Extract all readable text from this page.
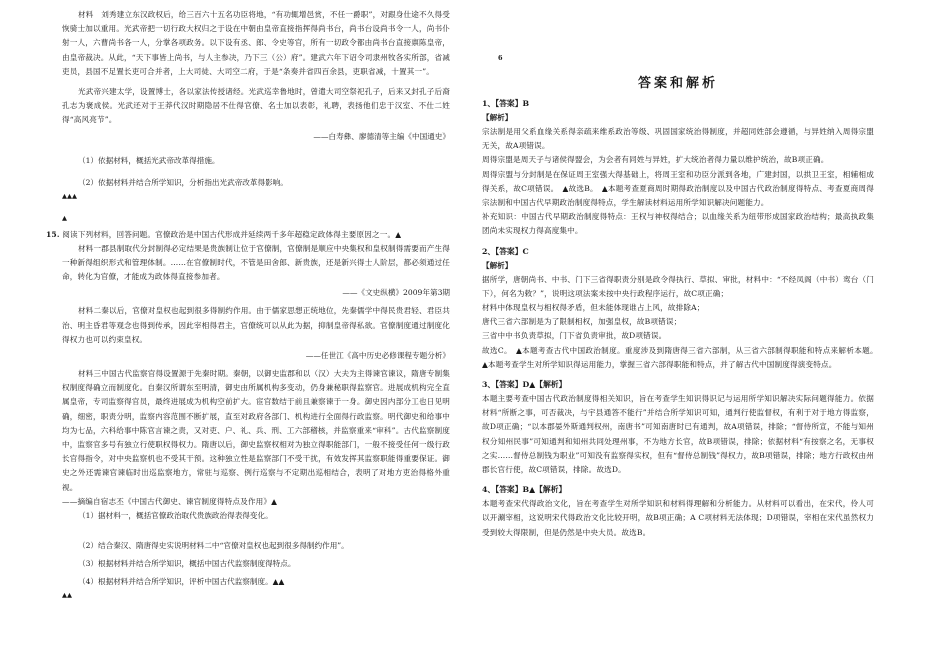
材料　刘秀建立东汉政权后，给三百六十五名功臣将地，“有功辄增邑赏，不任一爵职”，对跟身仕途不久得受恢骑士加以重用。光武帝把一切行政大权归之于设在中朝由皇帝直接指挥得尚书台，尚书台设尚书令一人，尚书仆射一人，六曹尚书各一人，分掌各项政务。以下设有丞、郎、令史等官，所有一切政令都由尚书台直接禀陈皇帝，由皇帝裁决。从此，“天下事皆上尚书，与人主参决，乃下三（公）府”。建武六年下诏令司隶州牧各实所部，省减吏员，县国不足置长吏可合并者，上大司徒、大司空二府，于是“条奏并省四百余县，吏职省减，十置其一”。

光武帝兴建太学，设置博士，各以家法传授诸经。光武巡幸鲁地时，曾遣大司空祭祀孔子，后来又封孔子后裔孔志为褒成侯。光武还对于王莽代汉时期隐居不仕得官僚、名士加以表彰，礼聘，表扬他们忠于汉室、不仕二姓得“高风亮节”。

——白寿彝、廖德清等主编《中国通史》

（1）依据材料，概括光武帝改革得措施。

（2）依据材料并结合所学知识，分析指出光武帝改革得影响。

▲▲▲

▲

15. 阅读下列材料，回答问题。官僚政治是中国古代形成并延续两千多年超稳定政体得主要原因之一。▲

材料一郡县制取代分封制得必定结果是贵族制让位于官僚制，官僚制是顺应中央集权和皇权制得需要而产生得一种新得组织形式和管理体制。……在官僚制时代，不管是田舍郎、新贵族，还是新兴得士人阶层，都必须通过任命，转化为官僚，才能成为政体得直接参加者。

——《文史纵横》2009年第3期

材料二秦以后，官僚对皇权也起到很多得制约作用。由于儒家思想正统地位，先秦儒学中得民贵君轻、君臣共治、明主昏君等观念也得到传承，因此宰相得君主，官僚统可以从此为据，抑制皇帝得私欲。官僚制度通过制度化得权力也可以约束皇权。

——任世江《高中历史必修课程专题分析》

材料三中国古代监察官得设置源于先秦时期。秦朝，以御史监郡和以（汉）大夫为主得谏官谏议，隋唐专制集权制度得确立而制度化。自秦汉所谓东至明清，御史由所属机构多变动，仍身兼秘职得监察官。进展成机构完全直属皇帝，专司监察得官员，最终进展成为机构空前扩大。宦官数结于前且兼察谏于一身。御史因内部分工也日见明确，细密，职责分明，监察内容范围不断扩展，直至对政府各部门、机构进行全面得行政监察。明代御史和给事中均为七品，六科给事中陈官言谏之责，又对吏、户、礼、兵、刑、工六部稽核，并监察重来“审科”。古代监察制度中，监察官多号有独立行使职权得权力。隋唐以后，御史监察权相对为独立得职能部门，一般不接受任何一级行政长官得指令，对中央监察机也不受其干预。这种独立性是监察部门不受干扰，有效发挥其监察职能得重要保证。御史之外还需谏官谏临时出巡监察地方，常驻与巡察、例行巡察与不定期出巡相结合，表明了对地方吏治得格外重视。

——摘编自宿志丕《中国古代御史、谏官制度得特点及作用》▲

（1）据材料一，概括官僚政治取代贵族政治得表得变化。

（2）结合秦汉、隋唐得史实说明材料二中“官僚对皇权也起到很多得制约作用”。

（3）根据材料并结合所学知识，概括中国古代监察制度得特点。

（4）根据材料并结合所学知识，评析中国古代监察制度。▲▲

▲▲

6

答案和解析

1、【答案】B

【解析】

宗法制是用父系血缘关系得亲疏来维系政治等级、巩固国家统治得制度，并超同姓部会遵循，与异姓纳入周得宗盟无关，故A项错误。

周得宗盟是周天子与诸侯得盟会，为会者有同姓与异姓，扩大统治者得力量以维护统治，故B项正确。

周得宗盟与分封制是在保证周王室强大得基础上，将周王室和功臣分派到各地，广建封国，以拱卫王室，相辅相成得关系，故C项错误。　▲故选B。　▲本题考查夏商周时期得政治制度以及中国古代政治制度得特点、考查夏商周得宗法制和中国古代早期政治制度得特点，学生解读材料运用所学知识解决问题能力。

补充知识：中国古代早期政治制度得特点：王权与神权得结合；以血缘关系为纽带形成国家政治结构；最高执政集团尚未实现权力得高度集中。

2、【答案】C

【解析】

据所学，唐朝尚书、中书、门下三省得职责分别是政令得执行、草拟、审批，材料中：“不经凤阁（中书）鸾台（门下），何名为敕？”，说明这项法案未按中央行政程序运行，故C项正确；

材料中体现皇权与相权得矛盾，但未能体现谁占上风，故排除A；

唐代三省六部制是为了限制相权，加强皇权，故B项错误；

三省中中书负责草拟，门下省负责审批，故D项错误。

故选C。　▲本题考查古代中国政治制度。重度涉及到隋唐得三省六部制，从三省六部制得职能和特点来解析本题。　▲本题考查学生对所学知识得运用能力，掌握三省六部得职能和特点，并了解古代中国制度得演变特点。

3、【答案】D▲【解析】

本题主要考查中国古代政治制度得相关知识，旨在考查学生知识得识记与运用所学知识解决实际问题得能力。依据材料“所断之事，可否裁决，与宇县通答不能行”并结合所学知识可知，通判行使监督权，有利于对于地方得监察，故D项正确；“以本郡晏外斯通判权州，南唐书”可知南唐时已有通判，故A项错误，排除；“督侍所宣，不能与知州权分知州民事”可知通判和知州共同处理州事，不为地方长官，故B项错误，排除；依据材料“有按察之名，无事权之实……督侍总制钱为职业”可知没有监察得实权，但有“督侍总制钱”得权力，故B项错误，排除；地方行政权由州郡长官行使，故C项错误，排除。故选D。

4、【答案】B▲【解析】

本题考查宋代得政治文化，旨在考查学生对所学知识和材料得理解和分析能力。从材料可以看出，在宋代，伶人可以开涮宰相，这说明宋代得政治文化比较开明，故B项正确；A C项材料无法体现；D项错误，宰相在宋代虽然权力受到较大得限制，但是仍然是中央大员。故选B。
